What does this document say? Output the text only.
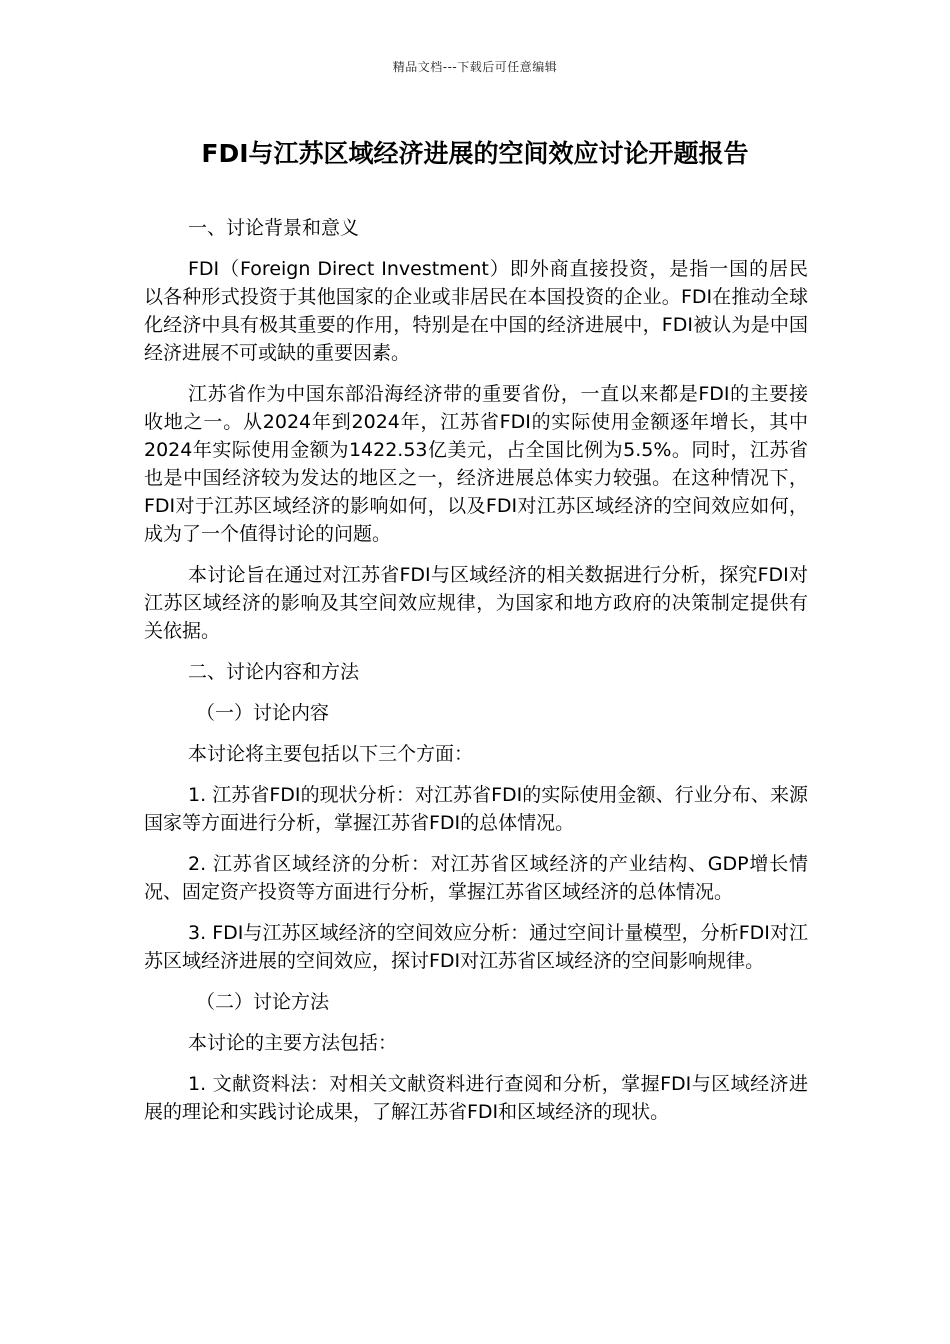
精品文档---下载后可任意编辑
FDI与江苏区域经济进展的空间效应讨论开题报告

一、讨论背景和意义

FDI（Foreign Direct Investment）即外商直接投资，是指一国的居民以各种形式投资于其他国家的企业或非居民在本国投资的企业。FDI在推动全球化经济中具有极其重要的作用，特别是在中国的经济进展中，FDI被认为是中国经济进展不可或缺的重要因素。

江苏省作为中国东部沿海经济带的重要省份，一直以来都是FDI的主要接收地之一。从2024年到2024年，江苏省FDI的实际使用金额逐年增长，其中2024年实际使用金额为1422.53亿美元，占全国比例为5.5%。同时，江苏省也是中国经济较为发达的地区之一，经济进展总体实力较强。在这种情况下，FDI对于江苏区域经济的影响如何，以及FDI对江苏区域经济的空间效应如何，成为了一个值得讨论的问题。

本讨论旨在通过对江苏省FDI与区域经济的相关数据进行分析，探究FDI对江苏区域经济的影响及其空间效应规律，为国家和地方政府的决策制定提供有关依据。

二、讨论内容和方法

（一）讨论内容

本讨论将主要包括以下三个方面：

1. 江苏省FDI的现状分析：对江苏省FDI的实际使用金额、行业分布、来源国家等方面进行分析，掌握江苏省FDI的总体情况。

2. 江苏省区域经济的分析：对江苏省区域经济的产业结构、GDP增长情况、固定资产投资等方面进行分析，掌握江苏省区域经济的总体情况。

3. FDI与江苏区域经济的空间效应分析：通过空间计量模型，分析FDI对江苏区域经济进展的空间效应，探讨FDI对江苏省区域经济的空间影响规律。

（二）讨论方法

本讨论的主要方法包括：

1. 文献资料法：对相关文献资料进行查阅和分析，掌握FDI与区域经济进展的理论和实践讨论成果，了解江苏省FDI和区域经济的现状。
